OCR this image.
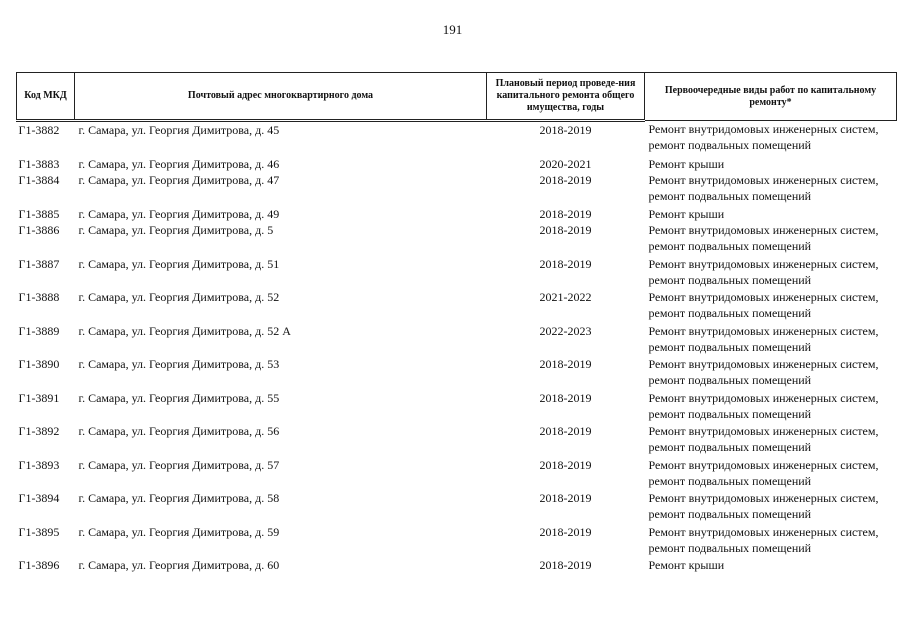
191
Код МКД	Почтовый адрес многоквартирного дома	Плановый период проведе-ния капитального ремонта общего имущества, годы	Первоочередные виды работ по капитальному ремонту*
Г1-3882	г. Самара, ул. Георгия Димитрова, д. 45	2018-2019	Ремонт внутридомовых инженерных систем, ремонт подвальных помещений
Г1-3883	г. Самара, ул. Георгия Димитрова, д. 46	2020-2021	Ремонт крыши
Г1-3884	г. Самара, ул. Георгия Димитрова, д. 47	2018-2019	Ремонт внутридомовых инженерных систем, ремонт подвальных помещений
Г1-3885	г. Самара, ул. Георгия Димитрова, д. 49	2018-2019	Ремонт крыши
Г1-3886	г. Самара, ул. Георгия Димитрова, д. 5	2018-2019	Ремонт внутридомовых инженерных систем, ремонт подвальных помещений
Г1-3887	г. Самара, ул. Георгия Димитрова, д. 51	2018-2019	Ремонт внутридомовых инженерных систем, ремонт подвальных помещений
Г1-3888	г. Самара, ул. Георгия Димитрова, д. 52	2021-2022	Ремонт внутридомовых инженерных систем, ремонт подвальных помещений
Г1-3889	г. Самара, ул. Георгия Димитрова, д. 52 А	2022-2023	Ремонт внутридомовых инженерных систем, ремонт подвальных помещений
Г1-3890	г. Самара, ул. Георгия Димитрова, д. 53	2018-2019	Ремонт внутридомовых инженерных систем, ремонт подвальных помещений
Г1-3891	г. Самара, ул. Георгия Димитрова, д. 55	2018-2019	Ремонт внутридомовых инженерных систем, ремонт подвальных помещений
Г1-3892	г. Самара, ул. Георгия Димитрова, д. 56	2018-2019	Ремонт внутридомовых инженерных систем, ремонт подвальных помещений
Г1-3893	г. Самара, ул. Георгия Димитрова, д. 57	2018-2019	Ремонт внутридомовых инженерных систем, ремонт подвальных помещений
Г1-3894	г. Самара, ул. Георгия Димитрова, д. 58	2018-2019	Ремонт внутридомовых инженерных систем, ремонт подвальных помещений
Г1-3895	г. Самара, ул. Георгия Димитрова, д. 59	2018-2019	Ремонт внутридомовых инженерных систем, ремонт подвальных помещений
Г1-3896	г. Самара, ул. Георгия Димитрова, д. 60	2018-2019	Ремонт крыши
